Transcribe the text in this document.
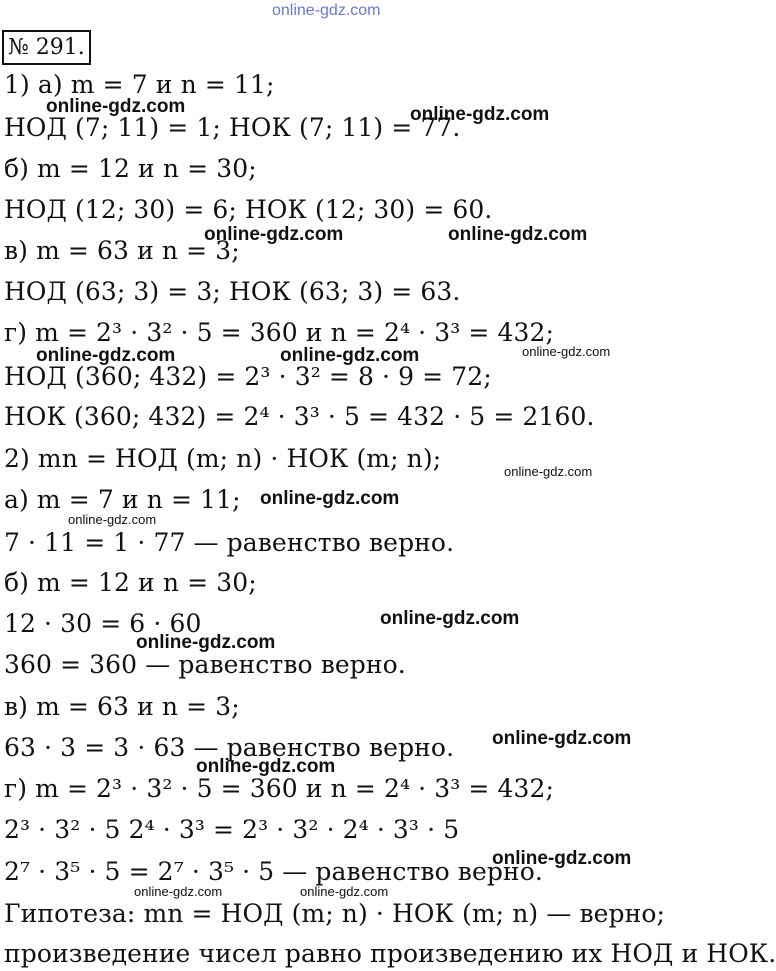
online-gdz.com
№ 291.
1) а) m = 7 и n = 11;
НОД (7; 11) = 1; НОК (7; 11) = 77.
б) m = 12 и n = 30;
НОД (12; 30) = 6; НОК (12; 30) = 60.
в) m = 63 и n = 3;
НОД (63; 3) = 3; НОК (63; 3) = 63.
г) m = 2³ · 3² · 5 = 360 и n = 2⁴ · 3³ = 432;
НОД (360; 432) = 2³ · 3² = 8 · 9 = 72;
НОК (360; 432) = 2⁴ · 3³ · 5 = 432 · 5 = 2160.
2) mn = НОД (m; n) · НОК (m; n);
а) m = 7 и n = 11;
7 · 11 = 1 · 77 — равенство верно.
б) m = 12 и n = 30;
12 · 30 = 6 · 60
360 = 360 — равенство верно.
в) m = 63 и n = 3;
63 · 3 = 3 · 63 — равенство верно.
г) m = 2³ · 3² · 5 = 360 и n = 2⁴ · 3³ = 432;
2³ · 3² · 5 2⁴ · 3³ = 2³ · 3² · 2⁴ · 3³ · 5
2⁷ · 3⁵ · 5 = 2⁷ · 3⁵ · 5 — равенство верно.
Гипотеза: mn = НОД (m; n) · НОК (m; n) — верно;
произведение чисел равно произведению их НОД и НОК.
online-gdz.com	online-gdz.com
online-gdz.com	online-gdz.com
online-gdz.com	online-gdz.com	online-gdz.com
online-gdz.com
online-gdz.com
online-gdz.com
online-gdz.com
online-gdz.com
online-gdz.com
online-gdz.com
online-gdz.com
online-gdz.com	online-gdz.com
